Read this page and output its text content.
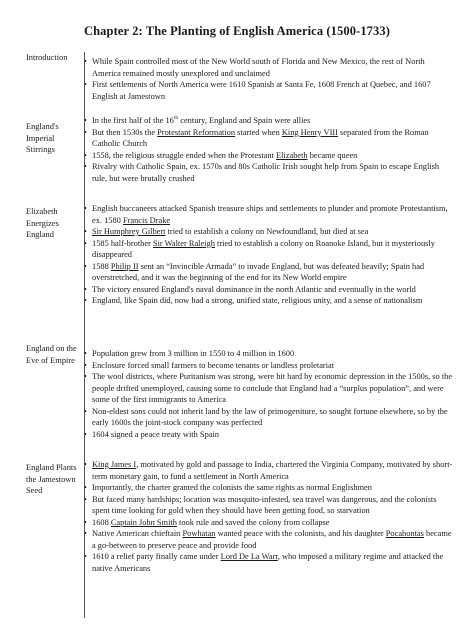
Chapter 2: The Planting of English America (1500-1733)
Introduction
•	While Spain controlled most of the New World south of Florida and New Mexico, the rest of North America remained mostly unexplored and unclaimed
• First settlements of North America were 1610 Spanish at Santa Fe, 1608 French at Quebec, and 1607 English at Jamestown
England's Imperial Stirrings
• In the first half of the 16th century, England and Spain were allies
• But then 1530s the Protestant Reformation started when King Henry VIII separated from the Roman Catholic Church
• 1558, the religious struggle ended when the Protestant Elizabeth became queen
• Rivalry with Catholic Spain, ex. 1570s and 80s Catholic Irish sought help from Spain to escape English rule, but were brutally crushed
Elizabeth Energizes England
• English buccaneers attacked Spanish treasure ships and settlements to plunder and promote Protestantism, ex. 1580 Francis Drake
• Sir Humphrey Gilbert tried to establish a colony on Newfoundland, but died at sea
• 1585 half-brother Sir Walter Raleigh tried to establish a colony on Roanoke Island, but it mysteriously disappeared
• 1588 Philip II sent an “Invincible Armada” to invade England, but was defeated heavily; Spain had overstretched, and it was the beginning of the end for its New World empire
• The victory ensured England's naval dominance in the north Atlantic and eventually in the world
• England, like Spain did, now had a strong, unified state, religious unity, and a sense of nationalism
England on the Eve of Empire
• Population grew from 3 million in 1550 to 4 million in 1600
• Enclosure forced small farmers to become tenants or landless proletariat
• The wool districts, where Puritanism was strong, were hit hard by economic depression in the 1500s, so the people drifted unemployed, causing some to conclude that England had a “surplus population”, and were some of the first immigrants to America
• Non-eldest sons could not inherit land by the law of primogeniture, so sought fortune elsewhere, so by the early 1600s the joint-stock company was perfected
• 1604 signed a peace treaty with Spain
England Plants the Jamestown Seed
• King James I, motivated by gold and passage to India, chartered the Virginia Company, motivated by short-term monetary gain, to fund a settlement in North America
• Importantly, the charter granted the colonists the same rights as normal Englishmen
• But faced many hardships; location was mosquito-infested, sea travel was dangerous, and the colonists spent time looking for gold when they should have been getting food, so starvation
• 1608 Captain John Smith took rule and saved the colony from collapse
• Native American chieftain Powhatan wanted peace with the colonists, and his daughter Pocahontas became a go-between to preserve peace and provide food
• 1610 a relief party finally came under Lord De La Warr, who imposed a military regime and attacked the native Americans
